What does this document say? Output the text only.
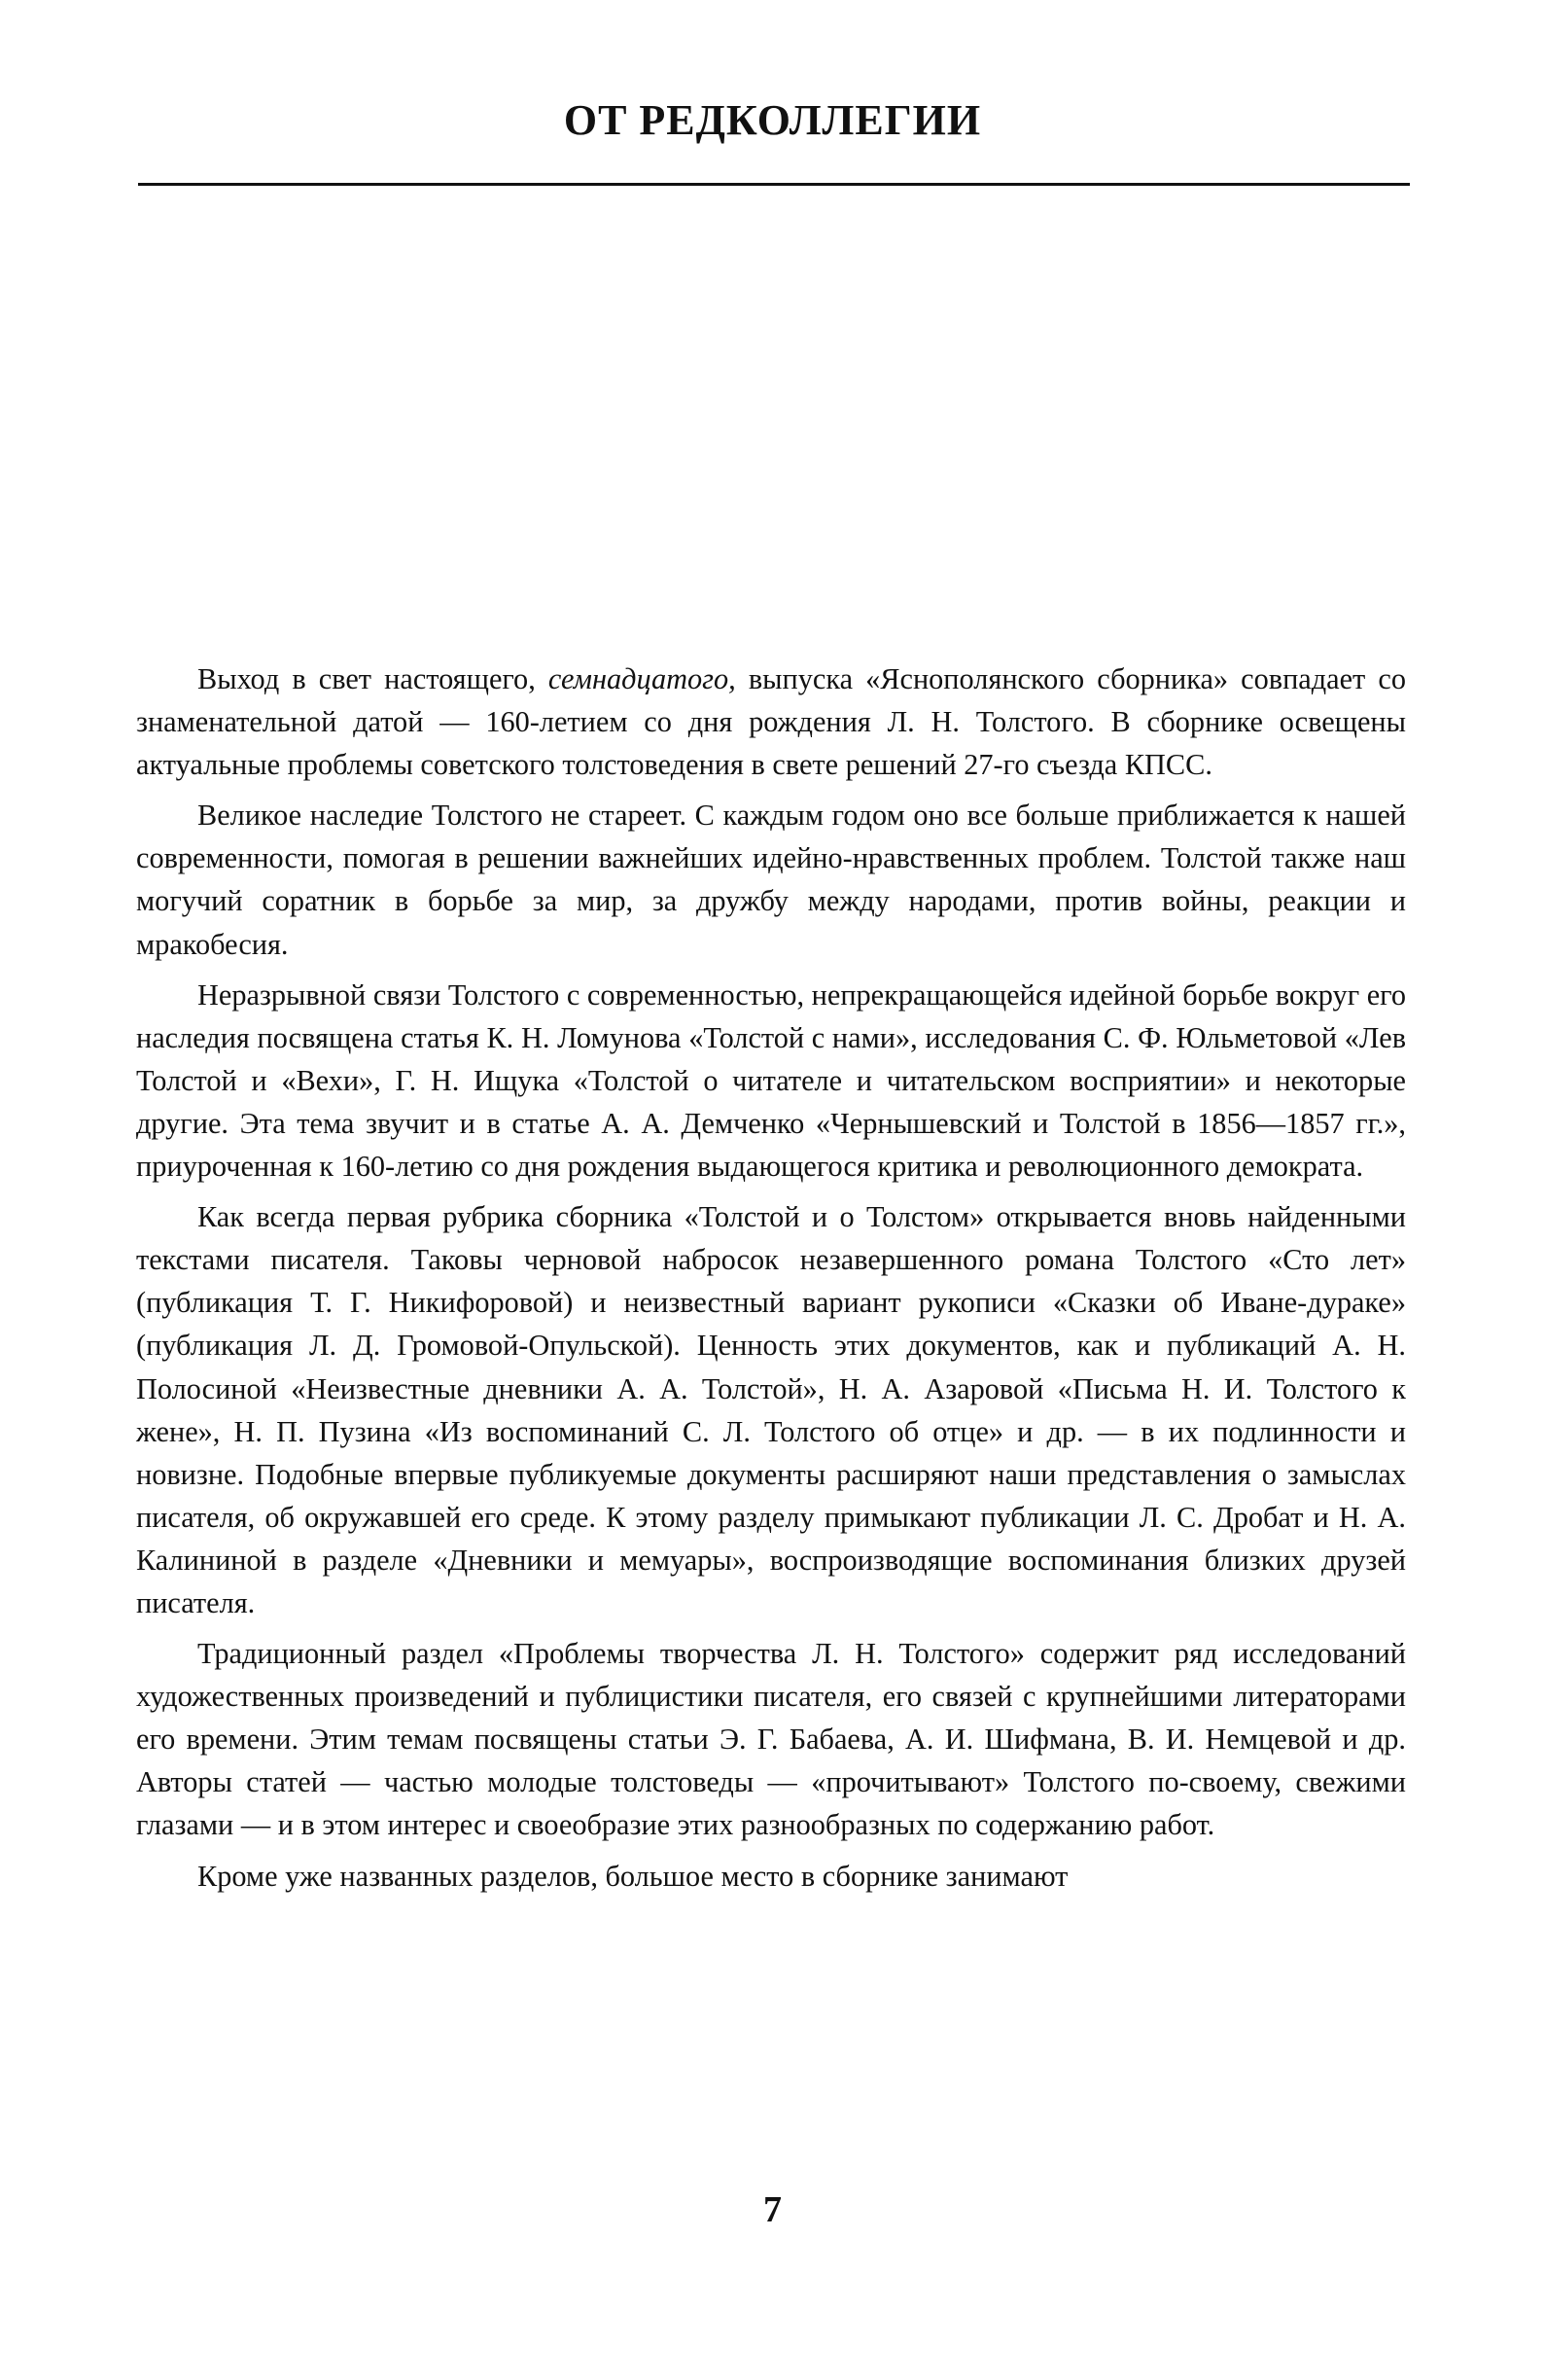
ОТ РЕДКОЛЛЕГИИ

Выход в свет настоящего, семнадцатого, выпуска «Яснополянского сборника» совпадает со знаменательной датой — 160-летием со дня рождения Л. Н. Толстого. В сборнике освещены актуальные проблемы советского толстоведения в свете решений 27-го съезда КПСС.

Великое наследие Толстого не стареет. С каждым годом оно все больше приближается к нашей современности, помогая в решении важнейших идейно-нравственных проблем. Толстой также наш могучий соратник в борьбе за мир, за дружбу между народами, против войны, реакции и мракобесия.

Неразрывной связи Толстого с современностью, непрекращающейся идейной борьбе вокруг его наследия посвящена статья К. Н. Ломунова «Толстой с нами», исследования С. Ф. Юльметовой «Лев Толстой и «Вехи», Г. Н. Ищука «Толстой о читателе и читательском восприятии» и некоторые другие. Эта тема звучит и в статье А. А. Демченко «Чернышевский и Толстой в 1856—1857 гг.», приуроченная к 160-летию со дня рождения выдающегося критика и революционного демократа.

Как всегда первая рубрика сборника «Толстой и о Толстом» открывается вновь найденными текстами писателя. Таковы черновой набросок незавершенного романа Толстого «Сто лет» (публикация Т. Г. Никифоровой) и неизвестный вариант рукописи «Сказки об Иване-дураке» (публикация Л. Д. Громовой-Опульской). Ценность этих документов, как и публикаций А. Н. Полосиной «Неизвестные дневники А. А. Толстой», Н. А. Азаровой «Письма Н. И. Толстого к жене», Н. П. Пузина «Из воспоминаний С. Л. Толстого об отце» и др. — в их подлинности и новизне. Подобные впервые публикуемые документы расширяют наши представления о замыслах писателя, об окружавшей его среде. К этому разделу примыкают публикации Л. С. Дробат и Н. А. Калининой в разделе «Дневники и мемуары», воспроизводящие воспоминания близких друзей писателя.

Традиционный раздел «Проблемы творчества Л. Н. Толстого» содержит ряд исследований художественных произведений и публицистики писателя, его связей с крупнейшими литераторами его времени. Этим темам посвящены статьи Э. Г. Бабаева, А. И. Шифмана, В. И. Немцевой и др. Авторы статей — частью молодые толстоведы — «прочитывают» Толстого по-своему, свежими глазами — и в этом интерес и своеобразие этих разнообразных по содержанию работ.

Кроме уже названных разделов, большое место в сборнике занимают

7
